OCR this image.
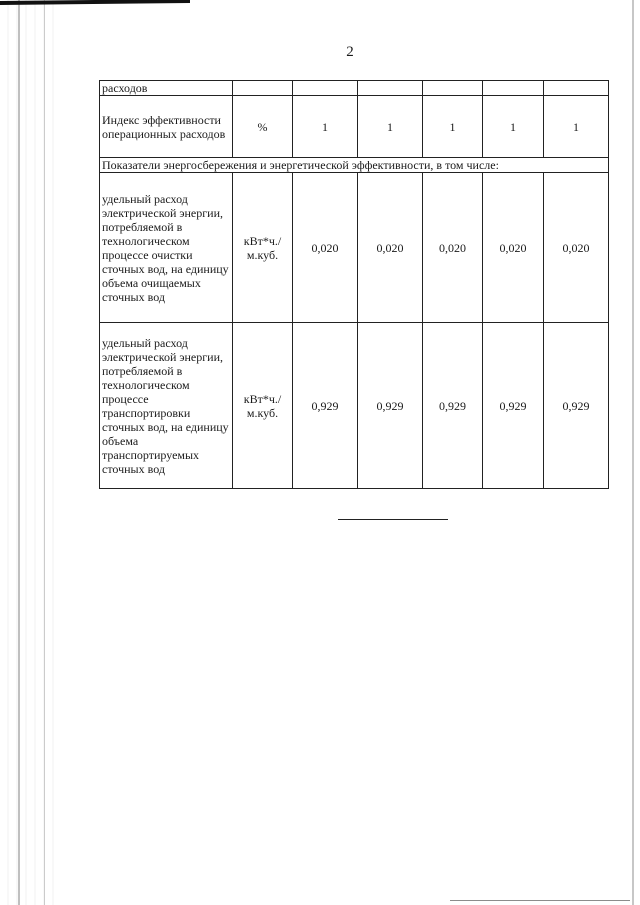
2
расходов						
Индекс эффективности операционных расходов	%	1	1	1	1	1
Показатели энергосбережения и энергетической эффективности, в том числе:						
удельный расход электрической энергии, потребляемой в технологическом процессе очистки сточных вод, на единицу объема очищаемых сточных вод	кВт*ч./м.куб.	0,020	0,020	0,020	0,020	0,020
удельный расход электрической энергии, потребляемой в технологическом процессе транспортировки сточных вод, на единицу объема транспортируемых сточных вод	кВт*ч./м.куб.	0,929	0,929	0,929	0,929	0,929
